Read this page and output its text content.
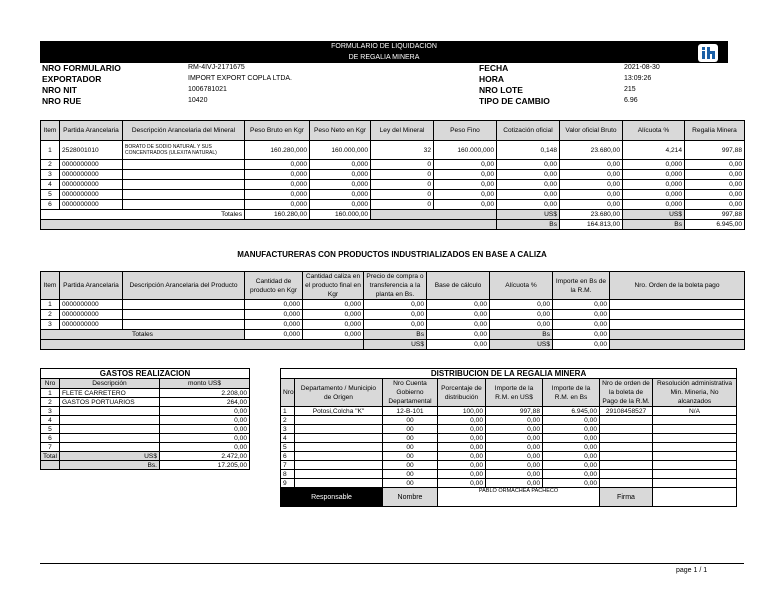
FORMULARIO DE LIQUIDACION
DE REGALIA MINERA
NRO FORMULARIO	RM-4IVJ-2171675
EXPORTADOR	IMPORT EXPORT COPLA LTDA.
NRO NIT	1006781021
NRO RUE	10420
FECHA	2021-08-30
HORA	13:09:26
NRO LOTE	215
TIPO DE CAMBIO	6.96
Item	Partida Arancelaria	Descripción Arancelaria del Mineral	Peso Bruto en Kgr	Peso Neto en Kgr	Ley del Mineral	Peso Fino	Cotización oficial	Valor oficial Bruto	Alícuota %	Regalía Minera
1	2528001010	BORATO DE SODIO NATURAL Y SUS CONCENTRADOS (ULEXITA NATURAL)	160.280,000	160.000,000	32	160.000,000	0,148	23.680,00	4,214	997,88
2	0000000000		0,000	0,000	0	0,00	0,00	0,00	0,000	0,00
3	0000000000		0,000	0,000	0	0,00	0,00	0,00	0,000	0,00
4	0000000000		0,000	0,000	0	0,00	0,00	0,00	0,000	0,00
5	0000000000		0,000	0,000	0	0,00	0,00	0,00	0,000	0,00
6	0000000000		0,000	0,000	0	0,00	0,00	0,00	0,000	0,00
Totales			160.280,00	160.000,00			US$	23.680,00	US$	997,88
							Bs	164.813,00	Bs	6.945,00
MANUFACTURERAS CON PRODUCTOS INDUSTRIALIZADOS EN BASE A CALIZA
Item	Partida Arancelaria	Descripción Arancelaria del Producto	Cantidad de producto en Kgr	Cantidad caliza en el producto final en Kgr	Precio de compra o transferencia a la planta en Bs.	Base de cálculo	Alícuota %	Importe en Bs de la R.M.	Nro. Orden de la boleta pago
1	0000000000		0,000	0,000	0,00	0,00	0,00	0,00	
2	0000000000		0,000	0,000	0,00	0,00	0,00	0,00	
3	0000000000		0,000	0,000	0,00	0,00	0,00	0,00	
Totales			0,000	0,000	Bs	0,00	Bs	0,00	
					US$	0,00	US$	0,00	
GASTOS REALIZACION		
Nro	Descripción	monto US$
1	FLETE CARRETERO	2.208,00
2	GASTOS PORTUARIOS	264,00
3		0,00
4		0,00
5		0,00
6		0,00
7		0,00
Total	US$	2.472,00
	Bs.	17.205,00
DISTRIBUCION DE LA REGALIA MINERA							
Nro	Departamento / Municipio de Origen	Nro Cuenta Gobierno Departamental	Porcentaje de distribución	Importe de la R.M. en US$	Importe de la R.M. en Bs	Nro de orden de la boleta de Pago de la R.M.	Resolución administrativa Min. Mineria, No alcanzados
1	Potosi,Colcha "K"	12-B-101	100,00	997,88	6.945,00	29108458527	N/A
2		00	0,00	0,00	0,00		
3		00	0,00	0,00	0,00		
4		00	0,00	0,00	0,00		
5		00	0,00	0,00	0,00		
6		00	0,00	0,00	0,00		
7		00	0,00	0,00	0,00		
8		00	0,00	0,00	0,00		
9		00	0,00	0,00	0,00		
Responsable		Nombre	PABLO ORMACHEA PACHECO			Firma	
page 1 / 1
